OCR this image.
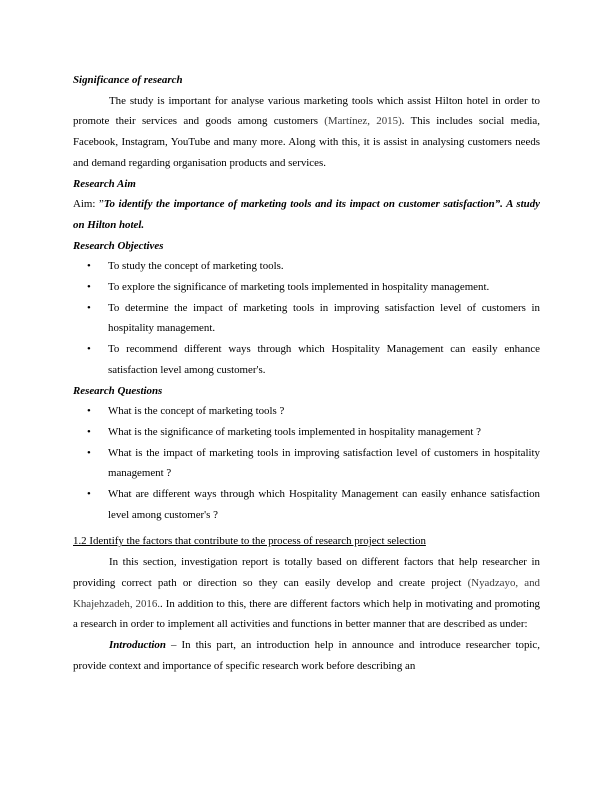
Significance of research

The study is important for analyse various marketing tools which assist Hilton hotel in order to promote their services and goods among customers (Martínez, 2015). This includes social media, Facebook, Instagram, YouTube and many more. Along with this, it is assist in analysing customers needs and demand regarding organisation products and services.

Research Aim

Aim: ”To identify the importance of marketing tools and its impact on customer satisfaction”. A study on Hilton hotel.

Research Objectives

• To study the concept of marketing tools.
• To explore the significance of marketing tools implemented in hospitality management.
• To determine the impact of marketing tools in improving satisfaction level of customers in hospitality management.
• To recommend different ways through which Hospitality Management can easily enhance satisfaction level among customer's.

Research Questions

• What is the concept of marketing tools ?
• What is the significance of marketing tools implemented in hospitality management ?
• What is the impact of marketing tools in improving satisfaction level of customers in hospitality management ?
• What are different ways through which Hospitality Management can easily enhance satisfaction level among customer's ?

1.2 Identify the factors that contribute to the process of research project selection

In this section, investigation report is totally based on different factors that help researcher in providing correct path or direction so they can easily develop and create project (Nyadzayo, and Khajehzadeh, 2016.. In addition to this, there are different factors which help in motivating and promoting a research in order to implement all activities and functions in better manner that are described as under:

Introduction – In this part, an introduction help in announce and introduce researcher topic, provide context and importance of specific research work before describing an
